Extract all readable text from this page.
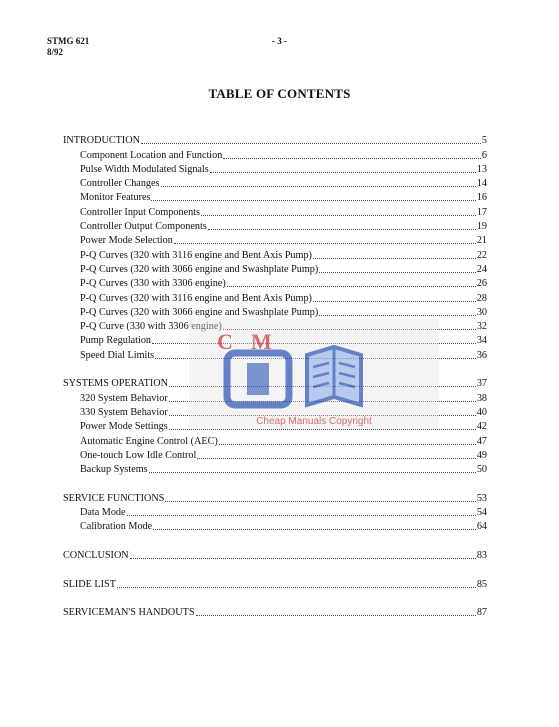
STMG 621
8/92
- 3 -
TABLE OF CONTENTS
INTRODUCTION	5
Component Location and Function	6
Pulse Width Modulated Signals	13
Controller Changes	14
Monitor Features	16
Controller Input Components	17
Controller Output Components	19
Power Mode Selection	21
P-Q Curves (320 with 3116 engine and Bent Axis Pump)	22
P-Q Curves (320 with 3066 engine and Swashplate Pump)	24
P-Q Curves (330 with 3306 engine)	26
P-Q Curves (320 with 3116 engine and Bent Axis Pump)	28
P-Q Curves (320 with 3066 engine and Swashplate Pump)	30
P-Q Curve (330 with 3306 engine)	32
Pump Regulation	34
Speed Dial Limits	36
SYSTEMS OPERATION	37
320 System Behavior	38
330 System Behavior	40
Power Mode Settings	42
Automatic Engine Control (AEC)	47
One-touch Low Idle Control	49
Backup Systems	50
SERVICE FUNCTIONS	53
Data Mode	54
Calibration Mode	64
CONCLUSION	83
SLIDE LIST	85
SERVICEMAN'S HANDOUTS	87
C M
Cheap Manuals Copyright
